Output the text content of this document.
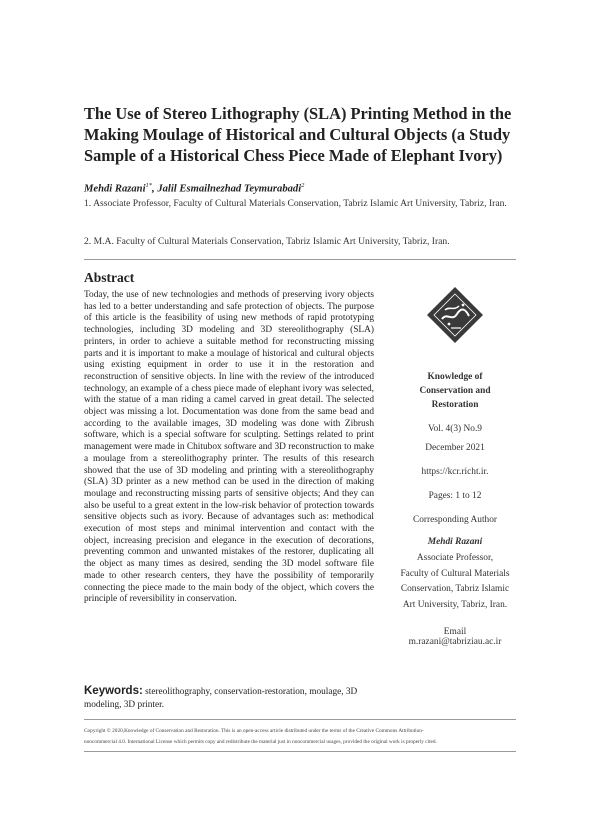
The Use of Stereo Lithography (SLA) Printing Method in the Making Moulage of Historical and Cultural Objects (a Study Sample of a Historical Chess Piece Made of Elephant Ivory)
Mehdi Razani$^{1*}$, Jalil Esmailnezhad Teymurabadi$^2$
1. Associate Professor, Faculty of Cultural Materials Conservation, Tabriz Islamic Art University, Tabriz, Iran.
2. M.A. Faculty of Cultural Materials Conservation, Tabriz Islamic Art University, Tabriz, Iran.
Abstract

Today, the use of new technologies and methods of preserving ivory objects has led to a better understanding and safe protection of objects. The purpose of this article is the feasibility of using new methods of rapid prototyping technologies, including 3D modeling and 3D stereolithography (SLA) printers, in order to achieve a suitable method for reconstructing missing parts and it is important to make a moulage of historical and cultural objects using existing equipment in order to use it in the restoration and reconstruction of sensitive objects. In line with the review of the introduced technology, an example of a chess piece made of elephant ivory was selected, with the statue of a man riding a camel carved in great detail. The selected object was missing a lot. Documentation was done from the same bead and according to the available images, 3D modeling was done with Zibrush software, which is a special software for sculpting. Settings related to print management were made in Chitubox software and 3D reconstruction to make a moulage from a stereolithography printer. The results of this research showed that the use of 3D modeling and printing with a stereolithography (SLA) 3D printer as a new method can be used in the direction of making moulage and reconstructing missing parts of sensitive objects; And they can also be useful to a great extent in the low-risk behavior of protection towards sensitive objects such as ivory. Because of advantages such as: methodical execution of most steps and minimal intervention and contact with the object, increasing precision and elegance in the execution of decorations, preventing common and unwanted mistakes of the restorer, duplicating all the object as many times as desired, sending the 3D model software file made to other research centers, they have the possibility of temporarily connecting the piece made to the main body of the object, which covers the principle of reversibility in conservation.

Keywords: stereolithography, conservation-restoration, moulage, 3D modeling, 3D printer.
Knowledge of
Conservation and
Restoration
Vol. 4(3) No.9
December 2021
https://kcr.richt.ir.
Pages: 1 to 12
Corresponding Author
Mehdi Razani
Associate Professor,
Faculty of Cultural Materials
Conservation, Tabriz Islamic
Art University, Tabriz, Iran.
Email
m.razani@tabriziau.ac.ir
Copyright © 2020,Knowledge of Conservation and Restoration. This is an open-access article distributed under the terms of the Creative Commons Attribution-
noncommercial 4.0. International License which permits copy and redistribute the material just in noncommercial usages, provided the original work is properly cited.
